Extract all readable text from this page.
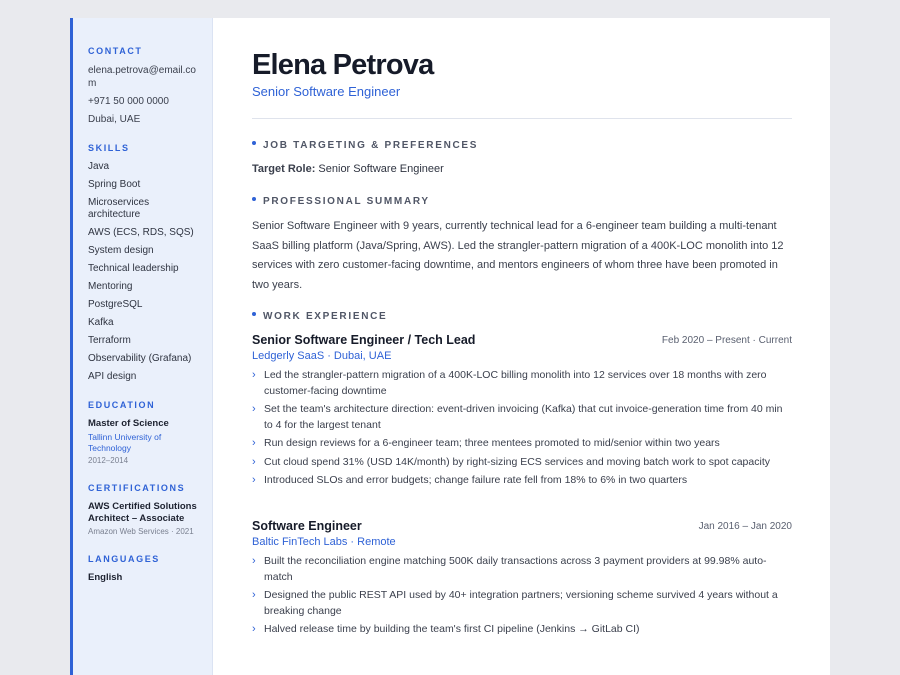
CONTACT
elena.petrova@email.com
+971 50 000 0000
Dubai, UAE
SKILLS
Java
Spring Boot
Microservices architecture
AWS (ECS, RDS, SQS)
System design
Technical leadership
Mentoring
PostgreSQL
Kafka
Terraform
Observability (Grafana)
API design
EDUCATION
Master of Science
Tallinn University of Technology
2012–2014
CERTIFICATIONS
AWS Certified Solutions Architect – Associate
Amazon Web Services · 2021
LANGUAGES
English
Elena Petrova
Senior Software Engineer
JOB TARGETING & PREFERENCES
Target Role: Senior Software Engineer
PROFESSIONAL SUMMARY
Senior Software Engineer with 9 years, currently technical lead for a 6-engineer team building a multi-tenant SaaS billing platform (Java/Spring, AWS). Led the strangler-pattern migration of a 400K-LOC monolith into 12 services with zero customer-facing downtime, and mentors engineers of whom three have been promoted in two years.
WORK EXPERIENCE
Senior Software Engineer / Tech Lead	Feb 2020 – Present · Current
Ledgerly SaaS · Dubai, UAE
› Led the strangler-pattern migration of a 400K-LOC billing monolith into 12 services over 18 months with zero customer-facing downtime
› Set the team's architecture direction: event-driven invoicing (Kafka) that cut invoice-generation time from 40 min to 4 for the largest tenant
› Run design reviews for a 6-engineer team; three mentees promoted to mid/senior within two years
› Cut cloud spend 31% (USD 14K/month) by right-sizing ECS services and moving batch work to spot capacity
› Introduced SLOs and error budgets; change failure rate fell from 18% to 6% in two quarters
Software Engineer	Jan 2016 – Jan 2020
Baltic FinTech Labs · Remote
› Built the reconciliation engine matching 500K daily transactions across 3 payment providers at 99.98% auto-match
› Designed the public REST API used by 40+ integration partners; versioning scheme survived 4 years without a breaking change
› Halved release time by building the team's first CI pipeline (Jenkins → GitLab CI)
